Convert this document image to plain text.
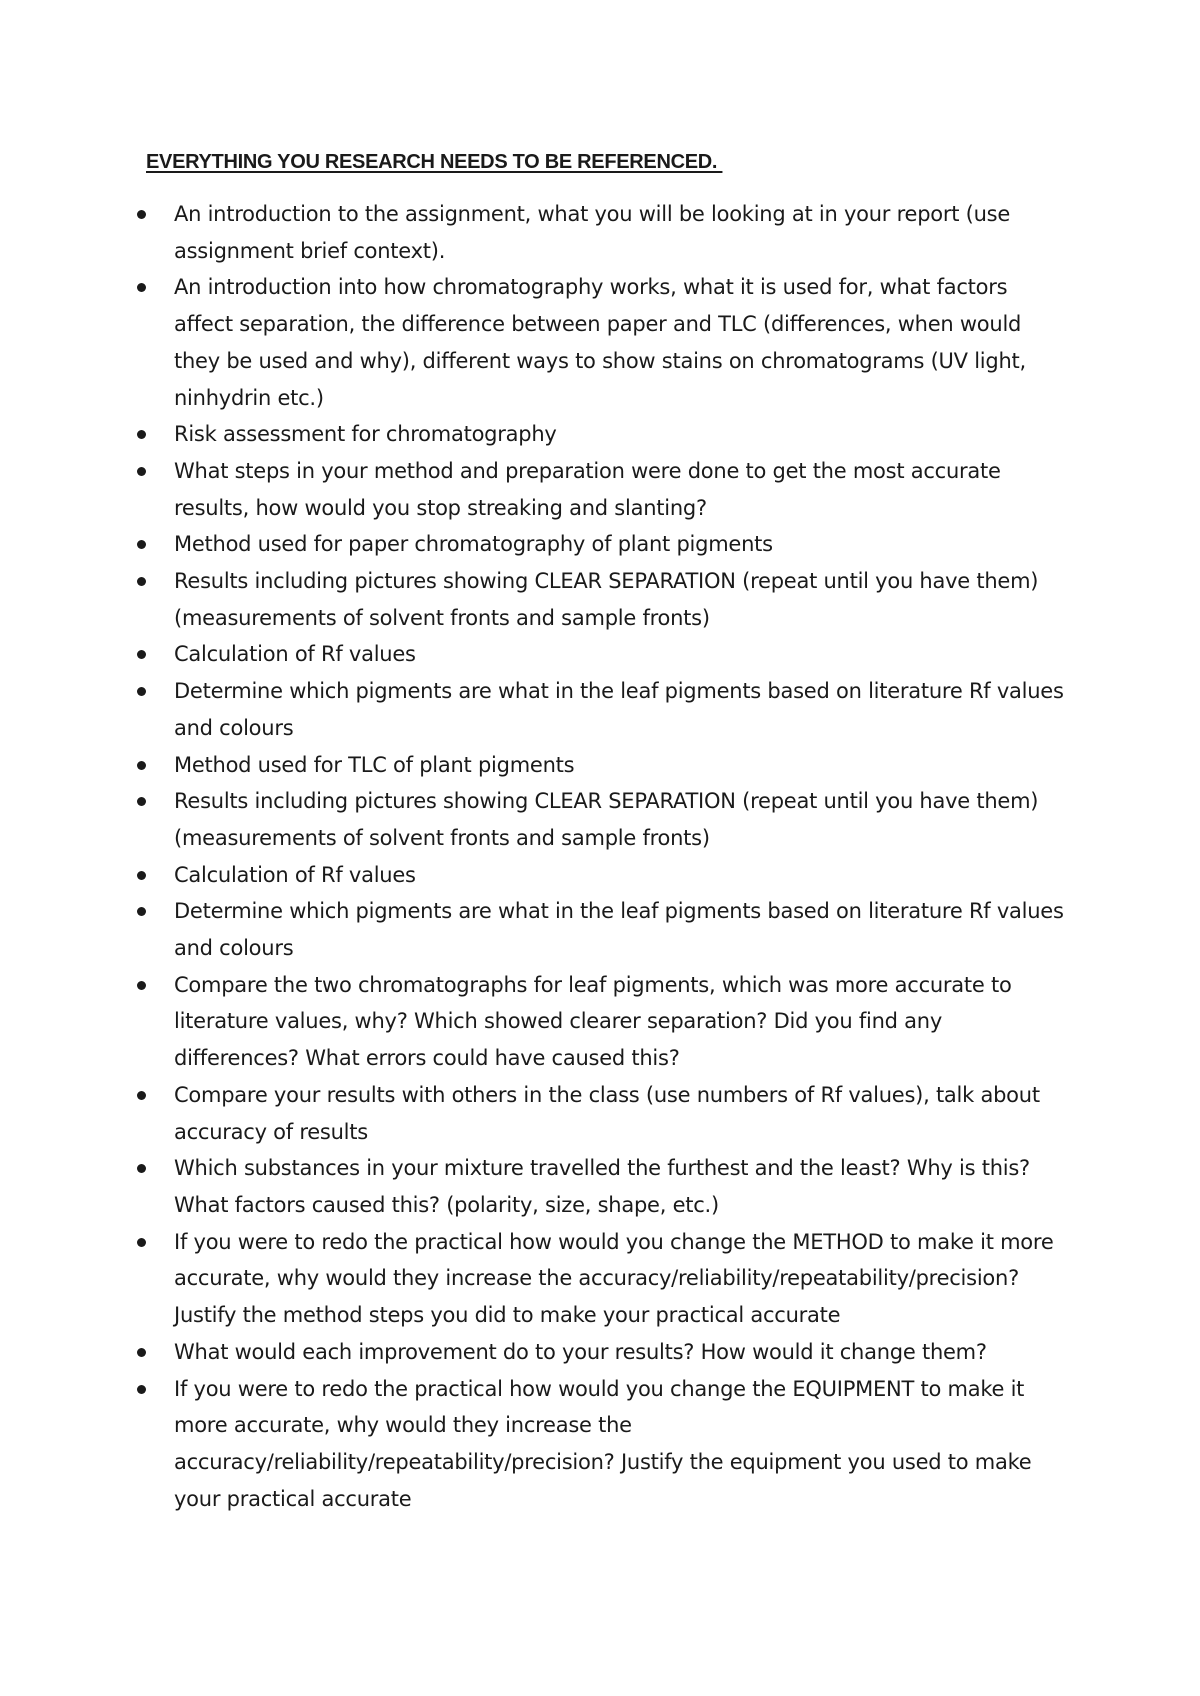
EVERYTHING YOU RESEARCH NEEDS TO BE REFERENCED.
An introduction to the assignment, what you will be looking at in your report (use assignment brief context).
An introduction into how chromatography works, what it is used for, what factors affect separation, the difference between paper and TLC (differences, when would they be used and why), different ways to show stains on chromatograms (UV light, ninhydrin etc.)
Risk assessment for chromatography
What steps in your method and preparation were done to get the most accurate results, how would you stop streaking and slanting?
Method used for paper chromatography of plant pigments
Results including pictures showing CLEAR SEPARATION (repeat until you have them) (measurements of solvent fronts and sample fronts)
Calculation of Rf values
Determine which pigments are what in the leaf pigments based on literature Rf values and colours
Method used for TLC of plant pigments
Results including pictures showing CLEAR SEPARATION (repeat until you have them) (measurements of solvent fronts and sample fronts)
Calculation of Rf values
Determine which pigments are what in the leaf pigments based on literature Rf values and colours
Compare the two chromatographs for leaf pigments, which was more accurate to literature values, why? Which showed clearer separation? Did you find any differences? What errors could have caused this?
Compare your results with others in the class (use numbers of Rf values), talk about accuracy of results
Which substances in your mixture travelled the furthest and the least? Why is this? What factors caused this? (polarity, size, shape, etc.)
If you were to redo the practical how would you change the METHOD to make it more accurate, why would they increase the accuracy/reliability/repeatability/precision? Justify the method steps you did to make your practical accurate
What would each improvement do to your results? How would it change them?
If you were to redo the practical how would you change the EQUIPMENT to make it more accurate, why would they increase the accuracy/reliability/repeatability/precision? Justify the equipment you used to make your practical accurate
